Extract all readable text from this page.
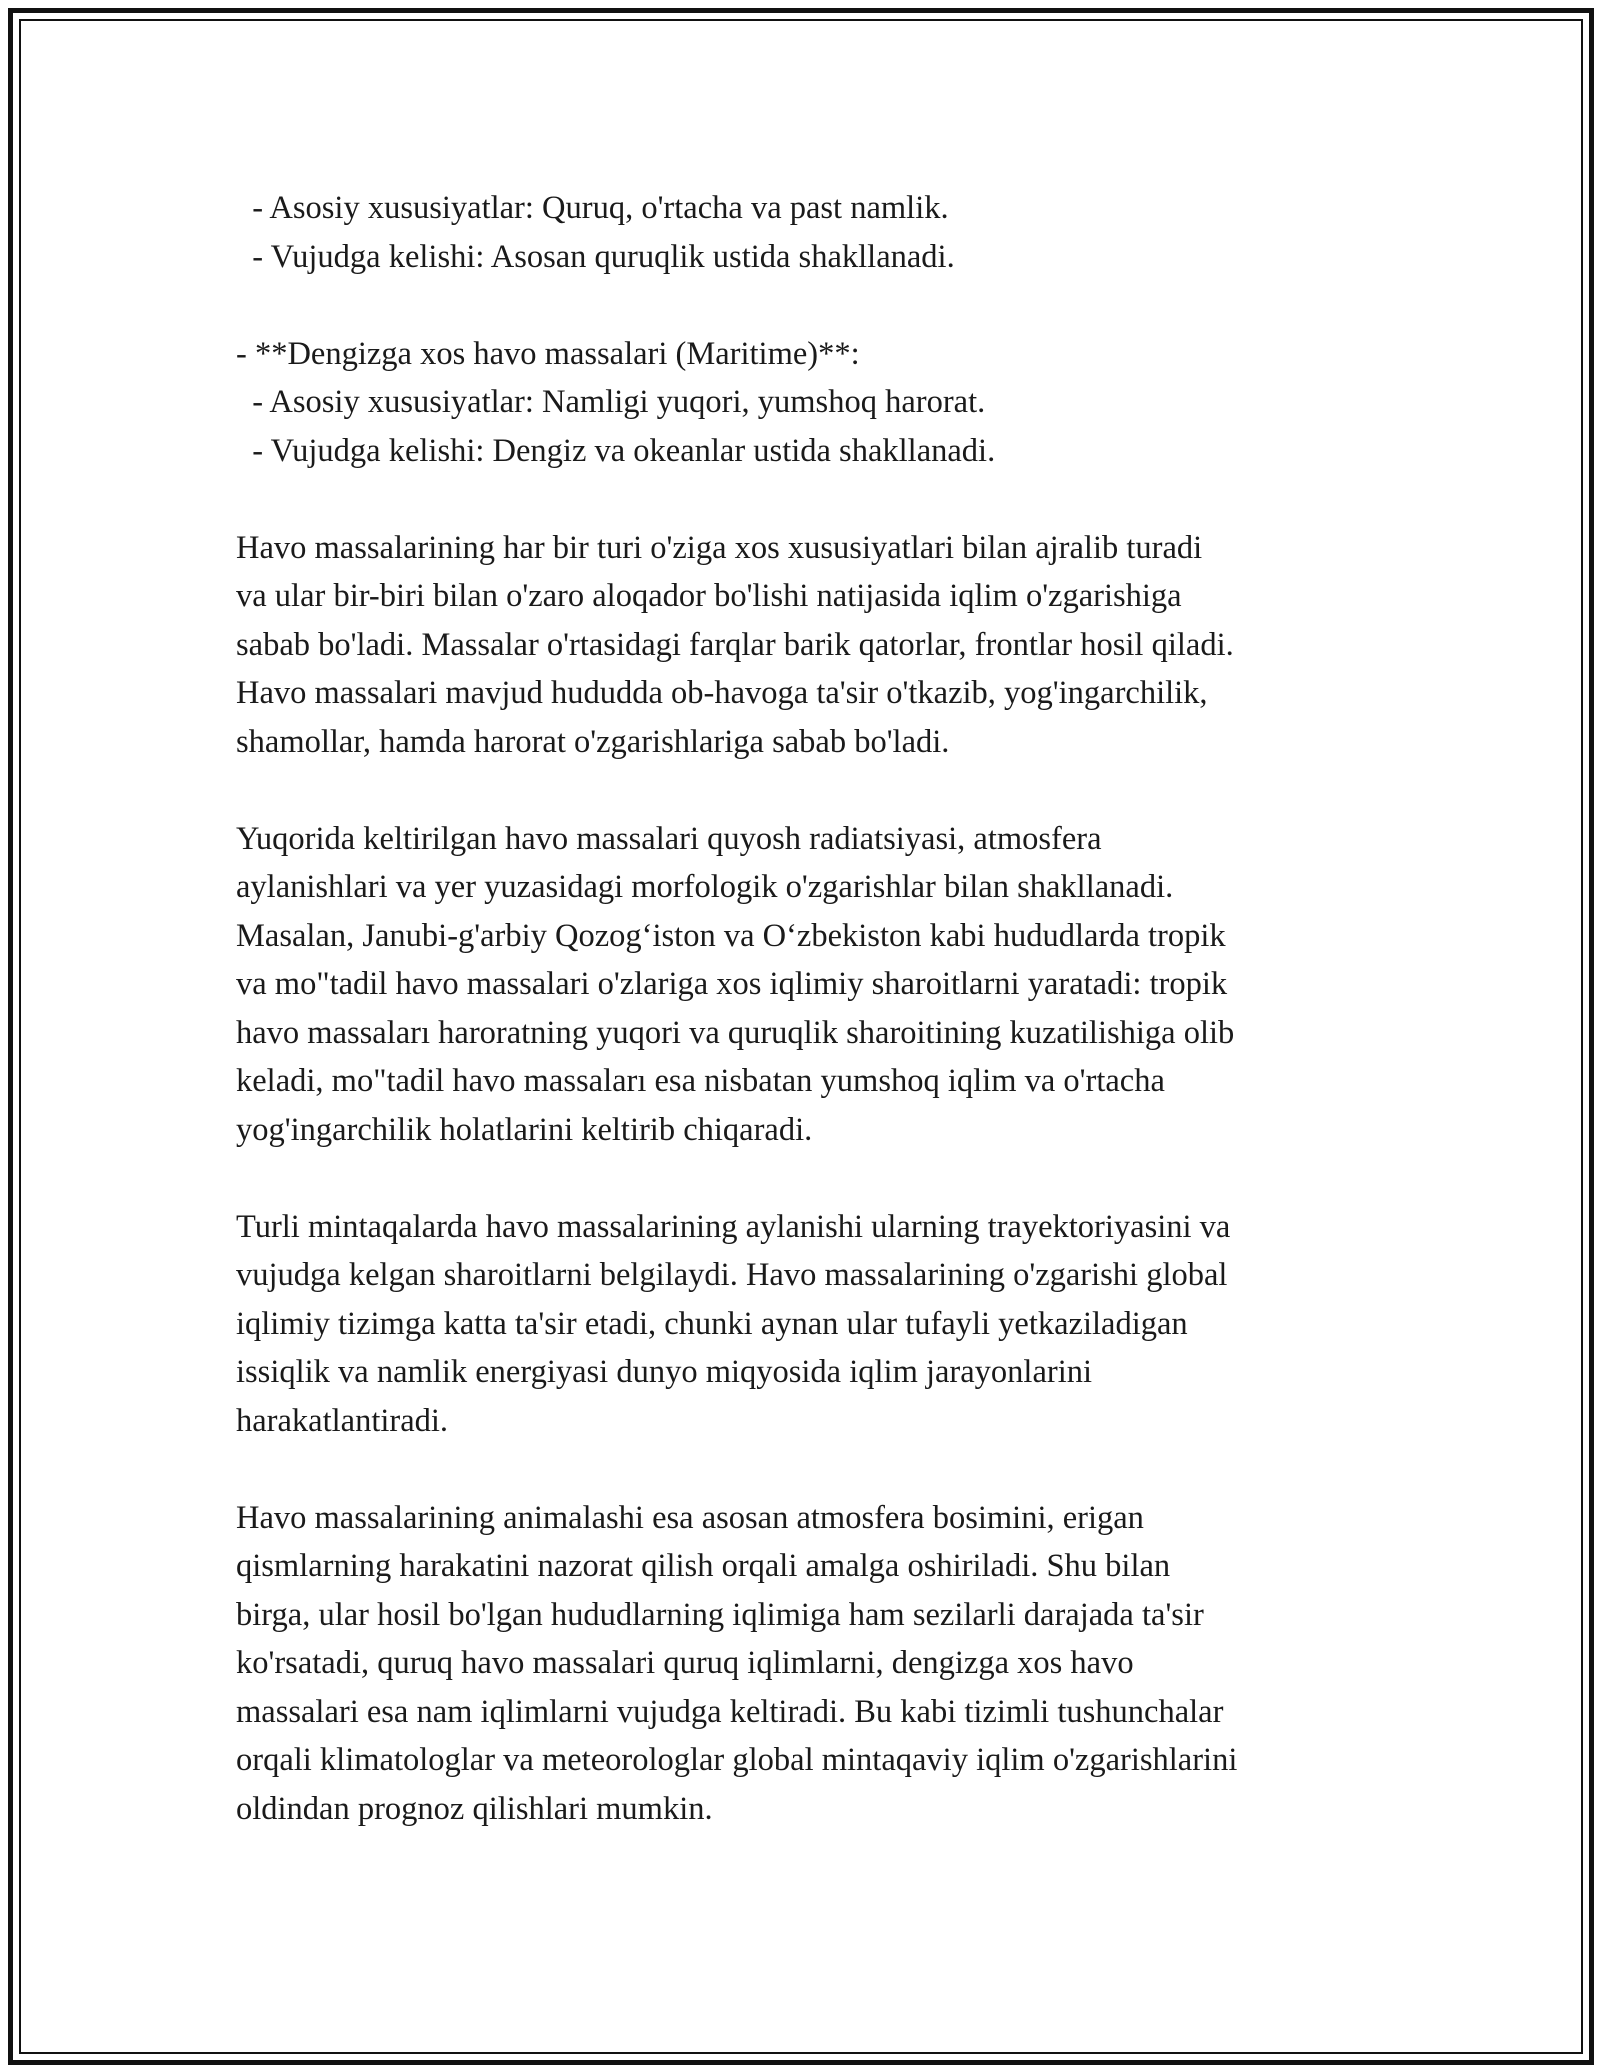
- Asosiy xususiyatlar: Quruq, o'rtacha va past namlik.

- Vujudga kelishi: Asosan quruqlik ustida shakllanadi.

- **Dengizga xos havo massalari (Maritime)**:

- Asosiy xususiyatlar: Namligi yuqori, yumshoq harorat.

- Vujudga kelishi: Dengiz va okeanlar ustida shakllanadi.

Havo massalarining har bir turi o'ziga xos xususiyatlari bilan ajralib turadi

va ular bir-biri bilan o'zaro aloqador bo'lishi natijasida iqlim o'zgarishiga

sabab bo'ladi. Massalar o'rtasidagi farqlar barik qatorlar, frontlar hosil qiladi.

Havo massalari mavjud hududda ob-havoga ta'sir o'tkazib, yog'ingarchilik,

shamollar, hamda harorat o'zgarishlariga sabab bo'ladi.

Yuqorida keltirilgan havo massalari quyosh radiatsiyasi, atmosfera

aylanishlari va yer yuzasidagi morfologik o'zgarishlar bilan shakllanadi.

Masalan, Janubi-g'arbiy Qozog‘iston va O‘zbekiston kabi hududlarda tropik

va mo"tadil havo massalari o'zlariga xos iqlimiy sharoitlarni yaratadi: tropik

havo massaları haroratning yuqori va quruqlik sharoitining kuzatilishiga olib

keladi, mo"tadil havo massaları esa nisbatan yumshoq iqlim va o'rtacha

yog'ingarchilik holatlarini keltirib chiqaradi.

Turli mintaqalarda havo massalarining aylanishi ularning trayektoriyasini va

vujudga kelgan sharoitlarni belgilaydi. Havo massalarining o'zgarishi global

iqlimiy tizimga katta ta'sir etadi, chunki aynan ular tufayli yetkaziladigan

issiqlik va namlik energiyasi dunyo miqyosida iqlim jarayonlarini

harakatlantiradi.

Havo massalarining animalashi esa asosan atmosfera bosimini, erigan

qismlarning harakatini nazorat qilish orqali amalga oshiriladi. Shu bilan

birga, ular hosil bo'lgan hududlarning iqlimiga ham sezilarli darajada ta'sir

ko'rsatadi, quruq havo massalari quruq iqlimlarni, dengizga xos havo

massalari esa nam iqlimlarni vujudga keltiradi. Bu kabi tizimli tushunchalar

orqali klimatologlar va meteorologlar global mintaqaviy iqlim o'zgarishlarini

oldindan prognoz qilishlari mumkin.
